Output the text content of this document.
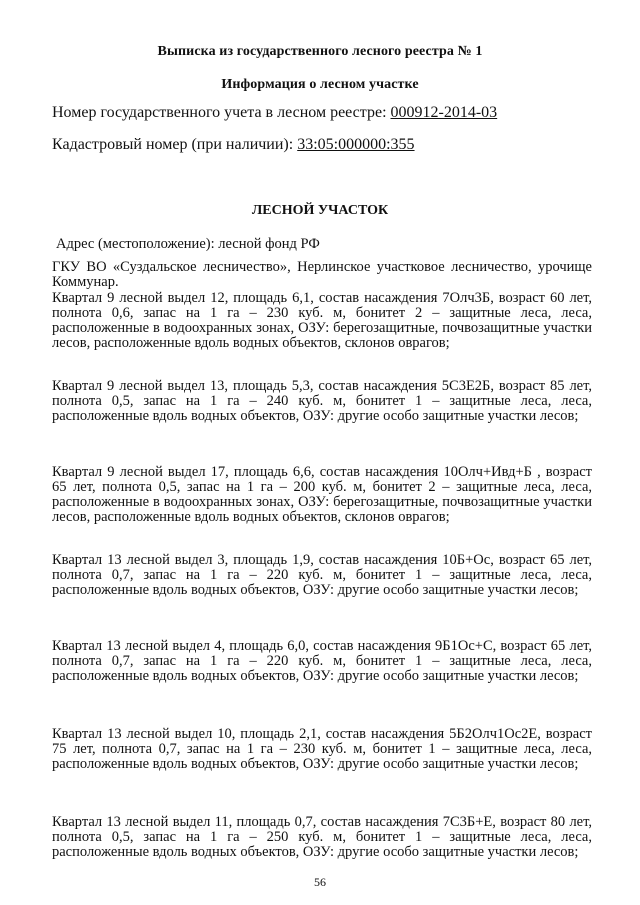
Выписка из государственного лесного реестра № 1
Информация о лесном участке
Номер государственного учета в лесном реестре: 000912-2014-03
Кадастровый номер (при наличии): 33:05:000000:355
ЛЕСНОЙ УЧАСТОК
Адрес (местоположение): лесной фонд РФ

ГКУ ВО «Суздальское лесничество», Нерлинское участковое лесничество, урочище Коммунар.

Квартал 9 лесной выдел 12, площадь 6,1, состав насаждения 7Олч3Б, возраст 60 лет, полнота 0,6, запас на 1 га – 230 куб. м, бонитет 2 – защитные леса, леса, расположенные в водоохранных зонах, ОЗУ: берегозащитные, почвозащитные участки лесов, расположенные вдоль водных объектов, склонов оврагов;

Квартал 9 лесной выдел 13, площадь 5,3, состав насаждения 5С3Е2Б, возраст 85 лет, полнота 0,5, запас на 1 га – 240 куб. м, бонитет 1 – защитные леса, леса, расположенные вдоль водных объектов, ОЗУ: другие особо защитные участки лесов;

Квартал 9 лесной выдел 17, площадь 6,6, состав насаждения 10Олч+Ивд+Б , возраст 65 лет, полнота 0,5, запас на 1 га – 200 куб. м, бонитет 2 – защитные леса, леса, расположенные в водоохранных зонах, ОЗУ: берегозащитные, почвозащитные участки лесов, расположенные вдоль водных объектов, склонов оврагов;

Квартал 13 лесной выдел 3, площадь 1,9, состав насаждения 10Б+Ос, возраст 65 лет, полнота 0,7, запас на 1 га – 220 куб. м, бонитет 1 – защитные леса, леса, расположенные вдоль водных объектов, ОЗУ: другие особо защитные участки лесов;

Квартал 13 лесной выдел 4, площадь 6,0, состав насаждения 9Б1Ос+С, возраст 65 лет, полнота 0,7, запас на 1 га – 220 куб. м, бонитет 1 – защитные леса, леса, расположенные вдоль водных объектов, ОЗУ: другие особо защитные участки лесов;

Квартал 13 лесной выдел 10, площадь 2,1, состав насаждения 5Б2Олч1Ос2Е, возраст 75 лет, полнота 0,7, запас на 1 га – 230 куб. м, бонитет 1 – защитные леса, леса, расположенные вдоль водных объектов, ОЗУ: другие особо защитные участки лесов;

Квартал 13 лесной выдел 11, площадь 0,7, состав насаждения 7С3Б+Е, возраст 80 лет, полнота 0,5, запас на 1 га – 250 куб. м, бонитет 1 – защитные леса, леса, расположенные вдоль водных объектов, ОЗУ: другие особо защитные участки лесов;

56
